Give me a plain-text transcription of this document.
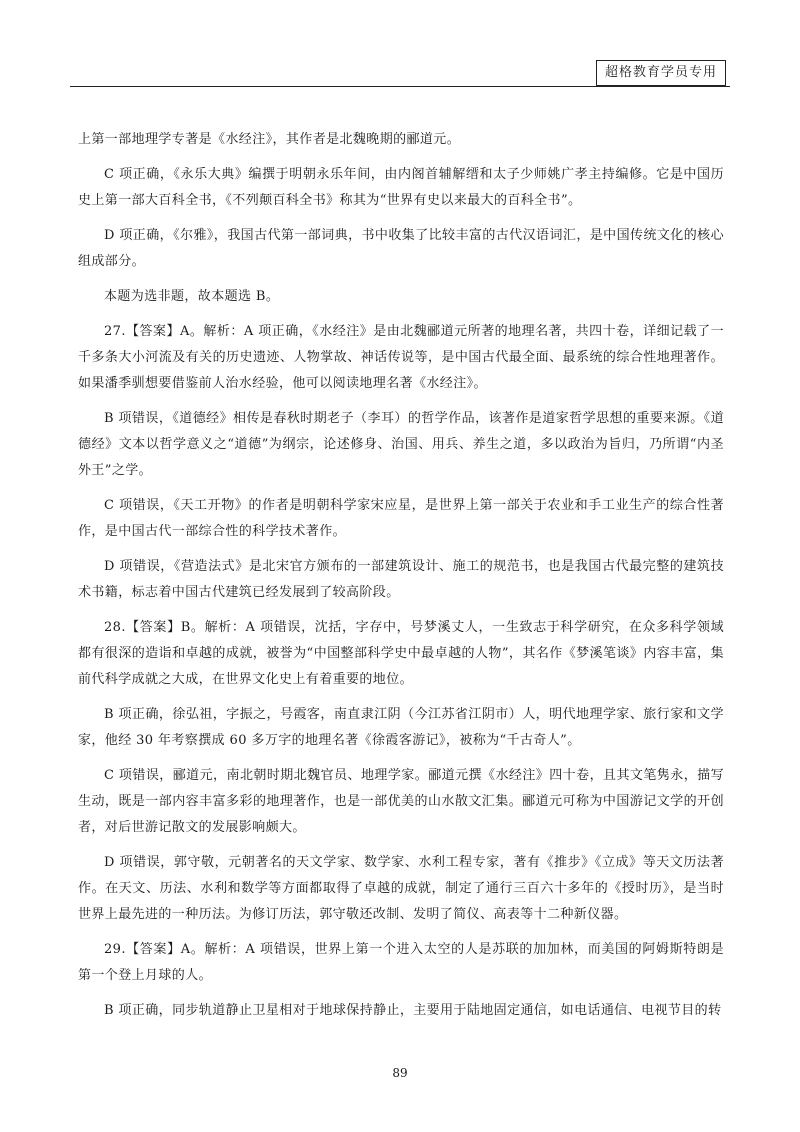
超格教育学员专用

上第一部地理学专著是《水经注》，其作者是北魏晚期的郦道元。

C 项正确，《永乐大典》编撰于明朝永乐年间，由内阁首辅解缙和太子少师姚广孝主持编修。它是中国历史上第一部大百科全书，《不列颠百科全书》称其为“世界有史以来最大的百科全书”。

D 项正确，《尔雅》，我国古代第一部词典，书中收集了比较丰富的古代汉语词汇，是中国传统文化的核心组成部分。

本题为选非题，故本题选 B。

27.【答案】A。解析：A 项正确，《水经注》是由北魏郦道元所著的地理名著，共四十卷，详细记载了一千多条大小河流及有关的历史遗迹、人物掌故、神话传说等，是中国古代最全面、最系统的综合性地理著作。如果潘季驯想要借鉴前人治水经验，他可以阅读地理名著《水经注》。

B 项错误，《道德经》相传是春秋时期老子（李耳）的哲学作品，该著作是道家哲学思想的重要来源。《道德经》文本以哲学意义之“道德”为纲宗，论述修身、治国、用兵、养生之道，多以政治为旨归，乃所谓“内圣外王”之学。

C 项错误，《天工开物》的作者是明朝科学家宋应星，是世界上第一部关于农业和手工业生产的综合性著作，是中国古代一部综合性的科学技术著作。

D 项错误，《营造法式》是北宋官方颁布的一部建筑设计、施工的规范书，也是我国古代最完整的建筑技术书籍，标志着中国古代建筑已经发展到了较高阶段。

28.【答案】B。解析：A 项错误，沈括，字存中，号梦溪丈人，一生致志于科学研究，在众多科学领域都有很深的造诣和卓越的成就，被誉为“中国整部科学史中最卓越的人物”，其名作《梦溪笔谈》内容丰富，集前代科学成就之大成，在世界文化史上有着重要的地位。

B 项正确，徐弘祖，字振之，号霞客，南直隶江阴（今江苏省江阴市）人，明代地理学家、旅行家和文学家，他经 30 年考察撰成 60 多万字的地理名著《徐霞客游记》，被称为“千古奇人”。

C 项错误，郦道元，南北朝时期北魏官员、地理学家。郦道元撰《水经注》四十卷，且其文笔隽永，描写生动，既是一部内容丰富多彩的地理著作，也是一部优美的山水散文汇集。郦道元可称为中国游记文学的开创者，对后世游记散文的发展影响颇大。

D 项错误，郭守敬，元朝著名的天文学家、数学家、水利工程专家，著有《推步》《立成》等天文历法著作。在天文、历法、水利和数学等方面都取得了卓越的成就，制定了通行三百六十多年的《授时历》，是当时世界上最先进的一种历法。为修订历法，郭守敬还改制、发明了简仪、高表等十二种新仪器。

29.【答案】A。解析：A 项错误，世界上第一个进入太空的人是苏联的加加林，而美国的阿姆斯特朗是第一个登上月球的人。

B 项正确，同步轨道静止卫星相对于地球保持静止，主要用于陆地固定通信，如电话通信、电视节目的转

89
